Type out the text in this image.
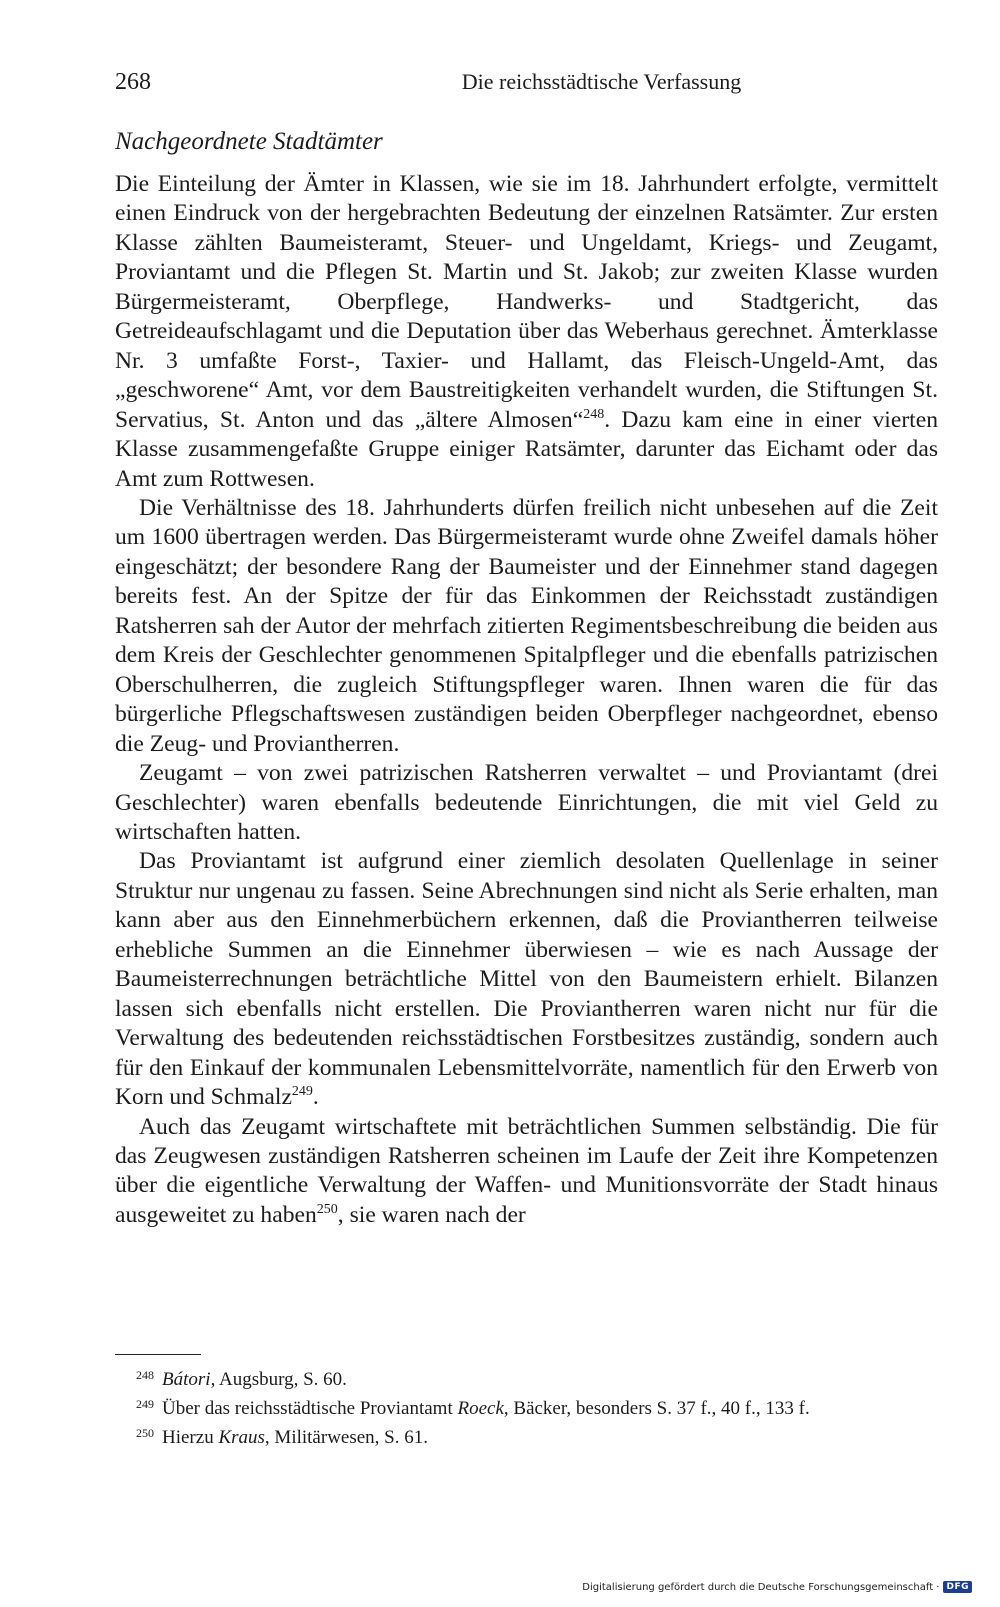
268	Die reichsstädtische Verfassung
Nachgeordnete Stadtämter

Die Einteilung der Ämter in Klassen, wie sie im 18. Jahrhundert erfolgte, vermittelt einen Eindruck von der hergebrachten Bedeutung der einzelnen Ratsämter. Zur ersten Klasse zählten Baumeisteramt, Steuer- und Ungeldamt, Kriegs- und Zeugamt, Proviantamt und die Pflegen St. Martin und St. Jakob; zur zweiten Klasse wurden Bürgermeisteramt, Oberpflege, Handwerks- und Stadtgericht, das Getreideaufschlagamt und die Deputation über das Weberhaus gerechnet. Ämterklasse Nr. 3 umfaßte Forst-, Taxier- und Hallamt, das Fleisch-Ungeld-Amt, das „geschworene“ Amt, vor dem Baustreitigkeiten verhandelt wurden, die Stiftungen St. Servatius, St. Anton und das „ältere Almosen“$^{248}$. Dazu kam eine in einer vierten Klasse zusammengefaßte Gruppe einiger Ratsämter, darunter das Eichamt oder das Amt zum Rottwesen.

Die Verhältnisse des 18. Jahrhunderts dürfen freilich nicht unbesehen auf die Zeit um 1600 übertragen werden. Das Bürgermeisteramt wurde ohne Zweifel damals höher eingeschätzt; der besondere Rang der Baumeister und der Einnehmer stand dagegen bereits fest. An der Spitze der für das Einkommen der Reichsstadt zuständigen Ratsherren sah der Autor der mehrfach zitierten Regimentsbeschreibung die beiden aus dem Kreis der Geschlechter genommenen Spitalpfleger und die ebenfalls patrizischen Oberschulherren, die zugleich Stiftungspfleger waren. Ihnen waren die für das bürgerliche Pflegschaftswesen zuständigen beiden Oberpfleger nachgeordnet, ebenso die Zeug- und Proviantherren.

Zeugamt – von zwei patrizischen Ratsherren verwaltet – und Proviantamt (drei Geschlechter) waren ebenfalls bedeutende Einrichtungen, die mit viel Geld zu wirtschaften hatten.

Das Proviantamt ist aufgrund einer ziemlich desolaten Quellenlage in seiner Struktur nur ungenau zu fassen. Seine Abrechnungen sind nicht als Serie erhalten, man kann aber aus den Einnehmerbüchern erkennen, daß die Proviantherren teilweise erhebliche Summen an die Einnehmer überwiesen – wie es nach Aussage der Baumeisterrechnungen beträchtliche Mittel von den Baumeistern erhielt. Bilanzen lassen sich ebenfalls nicht erstellen. Die Proviantherren waren nicht nur für die Verwaltung des bedeutenden reichsstädtischen Forstbesitzes zuständig, sondern auch für den Einkauf der kommunalen Lebensmittelvorräte, namentlich für den Erwerb von Korn und Schmalz$^{249}$.

Auch das Zeugamt wirtschaftete mit beträchtlichen Summen selbständig. Die für das Zeugwesen zuständigen Ratsherren scheinen im Laufe der Zeit ihre Kompetenzen über die eigentliche Verwaltung der Waffen- und Munitionsvorräte der Stadt hinaus ausgeweitet zu haben$^{250}$, sie waren nach der

$^{248}$ Bátori, Augsburg, S. 60.
$^{249}$ Über das reichsstädtische Proviantamt Roeck, Bäcker, besonders S. 37 f., 40 f., 133 f.
$^{250}$ Hierzu Kraus, Militärwesen, S. 61.
Digitalisierung gefördert durch die Deutsche Forschungsgemeinschaft · DFG
